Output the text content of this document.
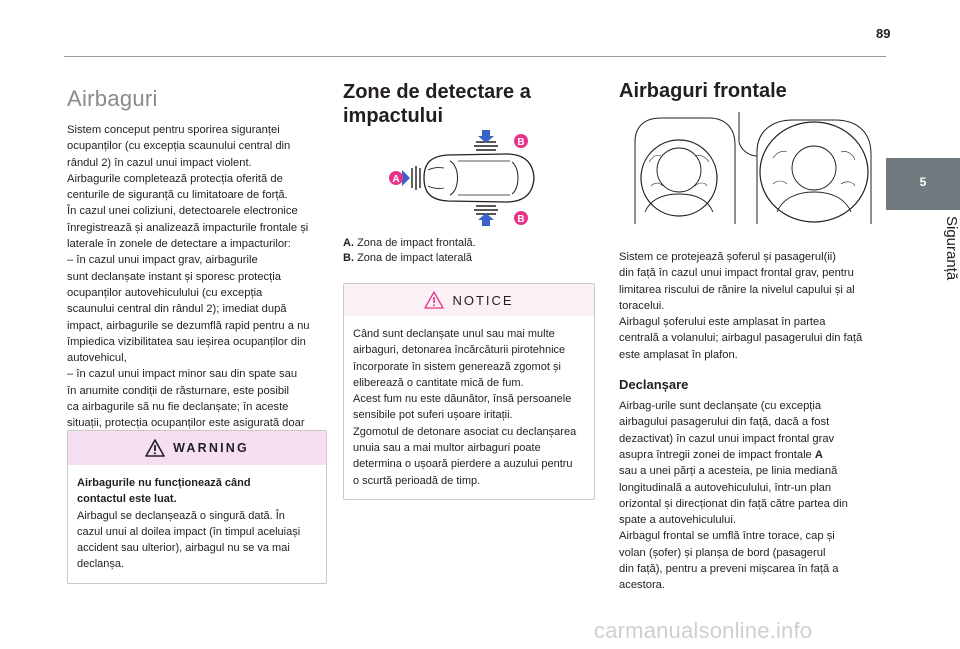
89
5
Siguranță
Airbaguri

Sistem conceput pentru sporirea siguranței
ocupanților (cu excepția scaunului central din
rândul 2) în cazul unui impact violent.
Airbagurile completează protecția oferită de
centurile de siguranță cu limitatoare de forță.
În cazul unei coliziuni, detectoarele electronice
înregistrează și analizează impacturile frontale și
laterale în zonele de detectare a impacturilor:
– în cazul unui impact grav, airbagurile
sunt declanșate instant și sporesc protecția
ocupanților autovehiculului (cu excepția
scaunului central din rândul 2); imediat după
impact, airbagurile se dezumflă rapid pentru a nu
împiedica vizibilitatea sau ieșirea ocupanților din
autovehicul,
– în cazul unui impact minor sau din spate sau
în anumite condiții de răsturnare, este posibil
ca airbagurile să nu fie declanșate; în aceste
situații, protecția ocupanților este asigurată doar

WARNING
Airbagurile nu funcționează când
contactul este luat.
Airbagul se declanșează o singură dată. În
cazul unui al doilea impact (în timpul aceluiași
accident sau ulterior), airbagul nu se va mai
declanșa.
Zone de detectare a
impactului
A
B
B
A. Zona de impact frontală.
B. Zona de impact laterală
NOTICE
Când sunt declanșate unul sau mai multe
airbaguri, detonarea încărcăturii pirotehnice
încorporate în sistem generează zgomot și
eliberează o cantitate mică de fum.
Acest fum nu este dăunător, însă persoanele
sensibile pot suferi ușoare iritații.
Zgomotul de detonare asociat cu declanșarea
unuia sau a mai multor airbaguri poate
determina o ușoară pierdere a auzului pentru
o scurtă perioadă de timp.
Airbaguri frontale

Sistem ce protejează șoferul și pasagerul(ii)
din față în cazul unui impact frontal grav, pentru
limitarea riscului de rănire la nivelul capului și al
toracelui.
Airbagul șoferului este amplasat în partea
centrală a volanului; airbagul pasagerului din față
este amplasat în plafon.

Declanșare

Airbag-urile sunt declanșate (cu excepția
airbagului pasagerului din față, dacă a fost
dezactivat) în cazul unui impact frontal grav
asupra întregii zonei de impact frontale A
sau a unei părți a acesteia, pe linia mediană
longitudinală a autovehiculului, într-un plan
orizontal și direcționat din față către partea din
spate a autovehiculului.
Airbagul frontal se umflă între torace, cap și
volan (șofer) și planșa de bord (pasagerul
din față), pentru a preveni mișcarea în față a
acestora.

carmanualsonline.info
